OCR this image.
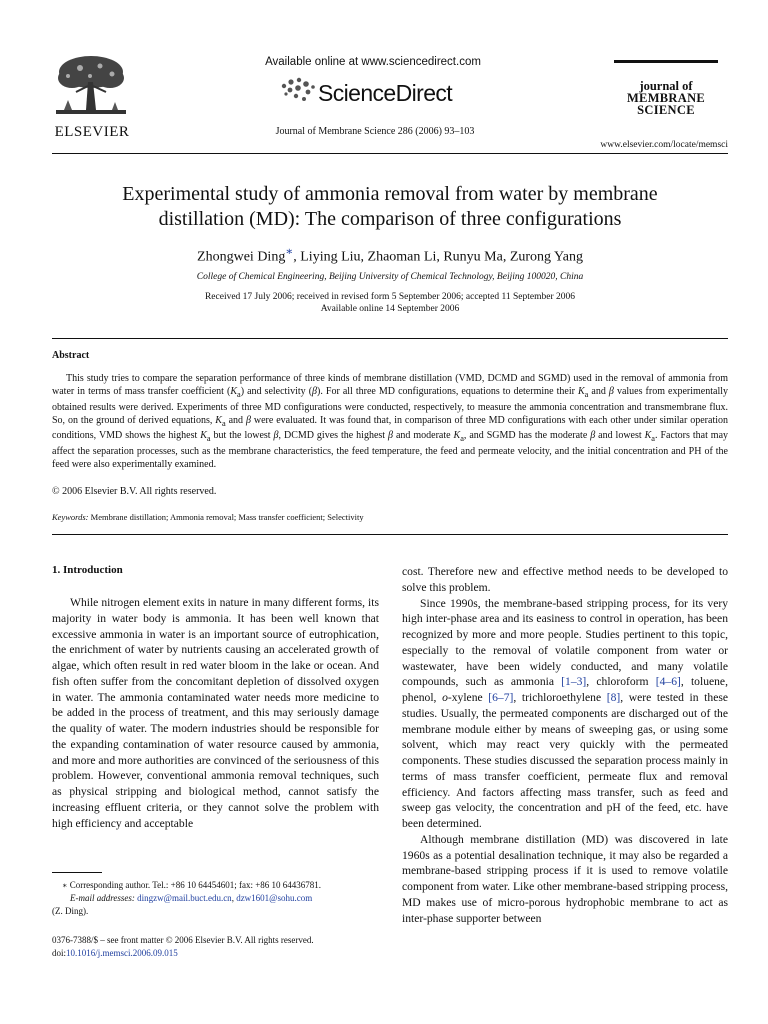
ELSEVIER
Available online at www.sciencedirect.com
ScienceDirect
Journal of Membrane Science 286 (2006) 93–103
journal of
MEMBRANE
SCIENCE
www.elsevier.com/locate/memsci
Experimental study of ammonia removal from water by membrane
distillation (MD): The comparison of three configurations
Zhongwei Ding∗, Liying Liu, Zhaoman Li, Runyu Ma, Zurong Yang
College of Chemical Engineering, Beijing University of Chemical Technology, Beijing 100020, China
Received 17 July 2006; received in revised form 5 September 2006; accepted 11 September 2006
Available online 14 September 2006
Abstract

This study tries to compare the separation performance of three kinds of membrane distillation (VMD, DCMD and SGMD) used in the removal of ammonia from water in terms of mass transfer coefficient $(K_a)$ and selectivity (β). For all three MD configurations, equations to determine their $K_a$ and β values from experimentally obtained results were derived. Experiments of three MD configurations were conducted, respectively, to measure the ammonia concentration and transmembrane flux. So, on the ground of derived equations, $K_a$ and β were evaluated. It was found that, in comparison of three MD configurations with each other under similar operation conditions, VMD shows the highest $K_a$ but the lowest β, DCMD gives the highest β and moderate $K_a$, and SGMD has the moderate β and lowest $K_a$. Factors that may affect the separation processes, such as the membrane characteristics, the feed temperature, the feed and permeate velocity, and the initial concentration and PH of the feed were also experimentally examined.

© 2006 Elsevier B.V. All rights reserved.
Keywords: Membrane distillation; Ammonia removal; Mass transfer coefficient; Selectivity
1. Introduction

While nitrogen element exits in nature in many different forms, its majority in water body is ammonia. It has been well known that excessive ammonia in water is an important source of eutrophication, the enrichment of water by nutrients causing an accelerated growth of algae, which often result in red water bloom in the lake or ocean. And fish often suffer from the concomitant depletion of dissolved oxygen in water. The ammonia contaminated water needs more medicine to be added in the process of treatment, and this may seriously damage the quality of water. The modern industries should be responsible for the expanding contamination of water resource caused by ammonia, and more and more authorities are convinced of the seriousness of this problem. However, conventional ammonia removal techniques, such as physical stripping and biological method, cannot satisfy the increasing effluent criteria, or they cannot solve the problem with high efficiency and acceptable

cost. Therefore new and effective method needs to be developed to solve this problem.

Since 1990s, the membrane-based stripping process, for its very high inter-phase area and its easiness to control in operation, has been recognized by more and more people. Studies pertinent to this topic, especially to the removal of volatile component from water or wastewater, have been widely conducted, and many volatile compounds, such as ammonia [1–3], chloroform [4–6], toluene, phenol, o-xylene [6–7], trichloroethylene [8], were tested in these studies. Usually, the permeated components are discharged out of the membrane module either by means of sweeping gas, or using some solvent, which may react very quickly with the permeated components. These studies discussed the separation process mainly in terms of mass transfer coefficient, permeate flux and removal efficiency. And factors affecting mass transfer, such as feed and sweep gas velocity, the concentration and pH of the feed, etc. have been determined.

Although membrane distillation (MD) was discovered in late 1960s as a potential desalination technique, it may also be regarded a membrane-based stripping process if it is used to remove volatile component from water. Like other membrane-based stripping process, MD makes use of micro-porous hydrophobic membrane to act as inter-phase supporter between

∗ Corresponding author. Tel.: +86 10 64454601; fax: +86 10 64436781.
E-mail addresses: dingzw@mail.buct.edu.cn, dzw1601@sohu.com
(Z. Ding).
0376-7388/$ – see front matter © 2006 Elsevier B.V. All rights reserved.
doi:10.1016/j.memsci.2006.09.015
